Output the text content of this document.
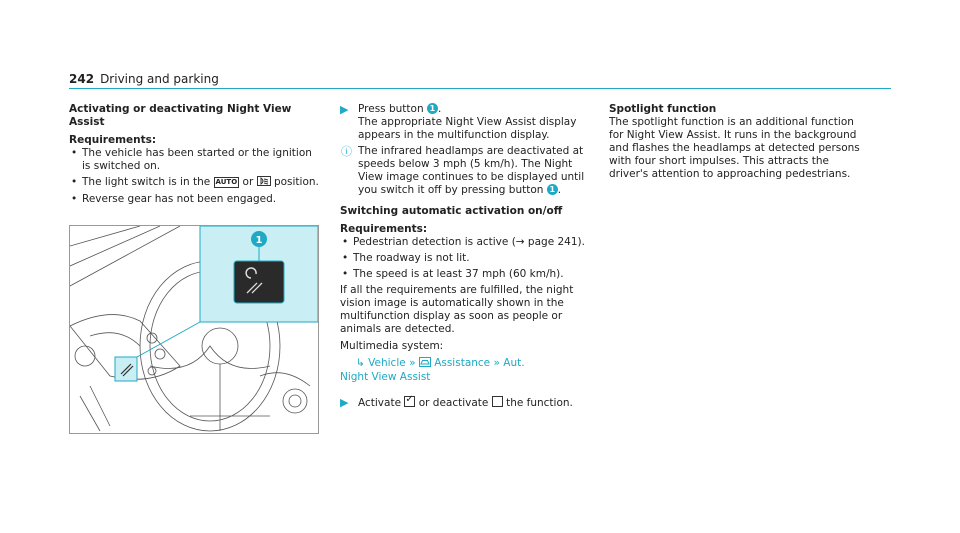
242 Driving and parking
Activating or deactivating Night View Assist
Requirements:
• The vehicle has been started or the ignition is switched on.
• The light switch is in the AUTO or position.
• Reverse gear has not been engaged.
1
▶ Press button 1 .
The appropriate Night View Assist display appears in the multifunction display.
ⓘ The infrared headlamps are deactivated at speeds below 3 mph (5 km/h). The Night View image continues to be displayed until you switch it off by pressing button 1 .
Switching automatic activation on/off
Requirements:
• Pedestrian detection is active (→ page 241).
• The roadway is not lit.
• The speed is at least 37 mph (60 km/h).
If all the requirements are fulfilled, the night vision image is automatically shown in the multifunction display as soon as people or animals are detected.
Multimedia system:
↳ Vehicle » Assistance » Aut.
Night View Assist
▶ Activate ✓ or deactivate the function.
Spotlight function
The spotlight function is an additional function for Night View Assist. It runs in the background and flashes the headlamps at detected persons with four short impulses. This attracts the driver's attention to approaching pedestrians.
